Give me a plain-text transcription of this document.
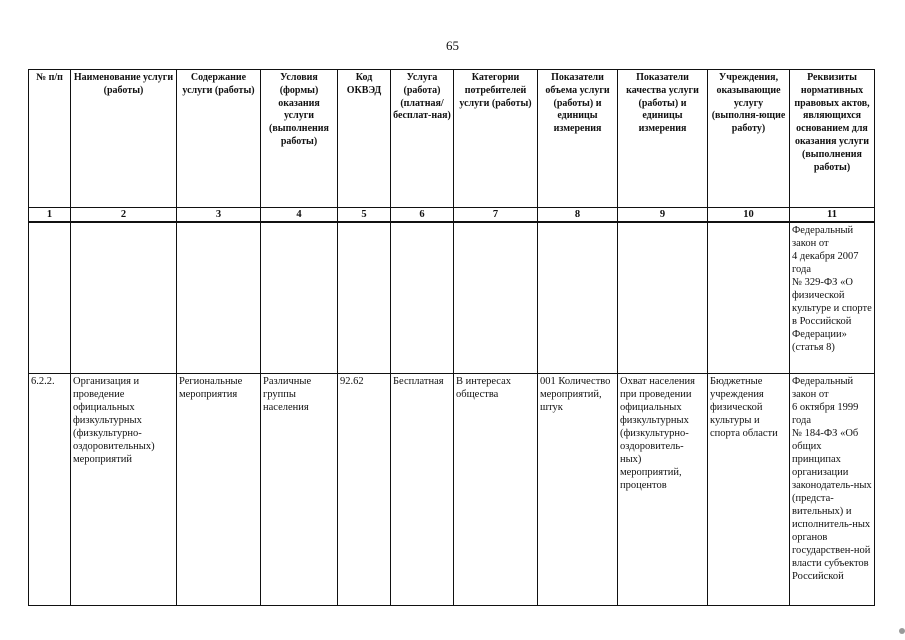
65
№ п/п	Наименование услуги (работы)	Содержание услуги (работы)	Условия (формы) оказания услуги (выполнения работы)	Код ОКВЭД	Услуга (работа) (платная/ бесплат-ная)	Категории потребителей услуги (работы)	Показатели объема услуги (работы) и единицы измерения	Показатели качества услуги (работы) и единицы измерения	Учреждения, оказывающие услугу (выполня-ющие работу)	Реквизиты нормативных правовых актов, являющихся основанием для оказания услуги (выполнения работы)
1	2	3	4	5	6	7	8	9	10	11

										Федеральный закон от
4 декабря 2007 года
№ 329-ФЗ «О физической культуре и спорте в Российской Федерации» (статья 8)

6.2.2.	Организация и проведение официальных физкультурных (физкультурно-оздоровительных) мероприятий	Региональные мероприятия	Различные группы населения	92.62	Бесплатная	В интересах общества	001 Количество мероприятий, штук	Охват населения при проведении официальных физкультурных (физкультурно-оздоровитель-ных) мероприятий, процентов	Бюджетные учреждения физической культуры и спорта области	Федеральный закон от
6 октября 1999 года
№ 184-ФЗ «Об общих принципах организации законодатель-ных (предста-вительных) и исполнитель-ных органов государствен-ной власти субъектов Российской
